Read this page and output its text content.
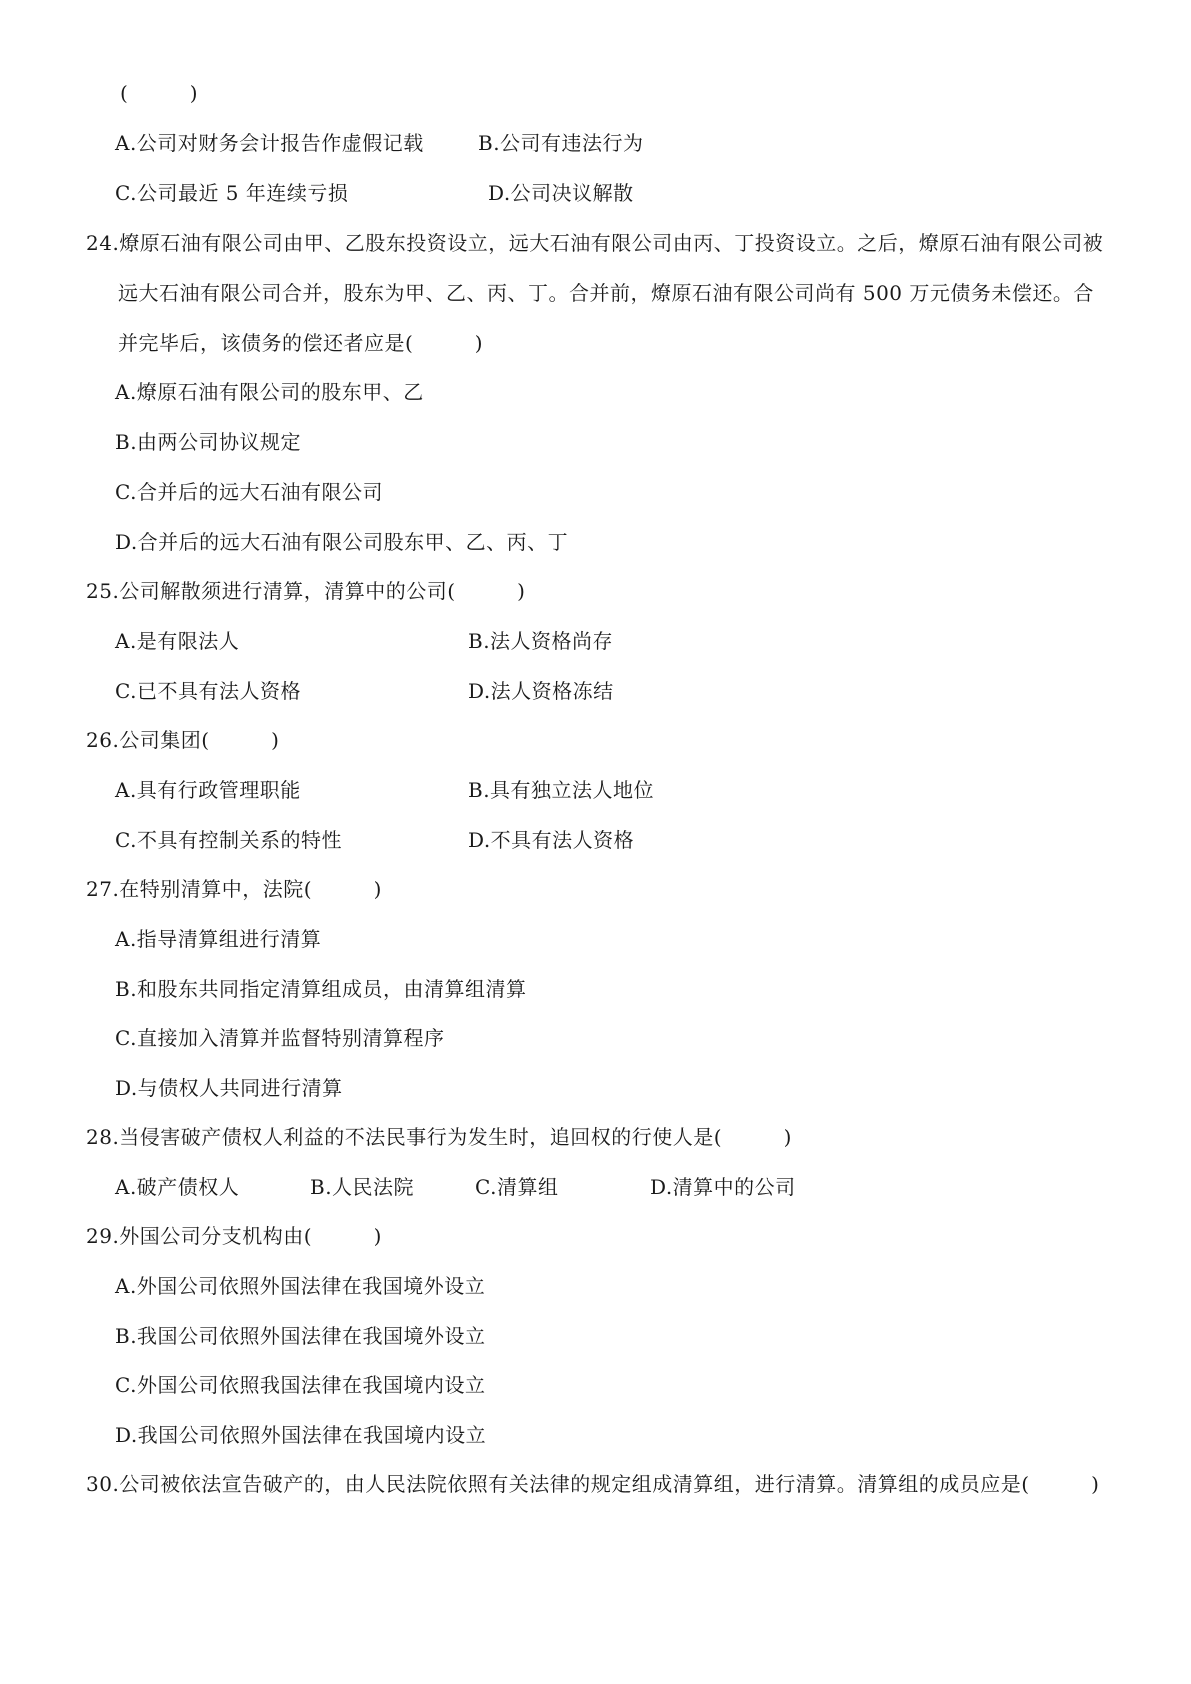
(　　　)
A.公司对财务会计报告作虚假记载	B.公司有违法行为
C.公司最近 5 年连续亏损	D.公司决议解散
24.燎原石油有限公司由甲、乙股东投资设立，远大石油有限公司由丙、丁投资设立。之后，燎原石油有限公司被
远大石油有限公司合并，股东为甲、乙、丙、丁。合并前，燎原石油有限公司尚有 500 万元债务未偿还。合
并完毕后，该债务的偿还者应是(　　　)
A.燎原石油有限公司的股东甲、乙
B.由两公司协议规定
C.合并后的远大石油有限公司
D.合并后的远大石油有限公司股东甲、乙、丙、丁
25.公司解散须进行清算，清算中的公司(　　　)
A.是有限法人	B.法人资格尚存
C.已不具有法人资格	D.法人资格冻结
26.公司集团(　　　)
A.具有行政管理职能	B.具有独立法人地位
C.不具有控制关系的特性	D.不具有法人资格
27.在特别清算中，法院(　　　)
A.指导清算组进行清算
B.和股东共同指定清算组成员，由清算组清算
C.直接加入清算并监督特别清算程序
D.与债权人共同进行清算
28.当侵害破产债权人利益的不法民事行为发生时，追回权的行使人是(　　　)
A.破产债权人	B.人民法院	C.清算组	D.清算中的公司
29.外国公司分支机构由(　　　)
A.外国公司依照外国法律在我国境外设立
B.我国公司依照外国法律在我国境外设立
C.外国公司依照我国法律在我国境内设立
D.我国公司依照外国法律在我国境内设立
30.公司被依法宣告破产的，由人民法院依照有关法律的规定组成清算组，进行清算。清算组的成员应是(　　　)
